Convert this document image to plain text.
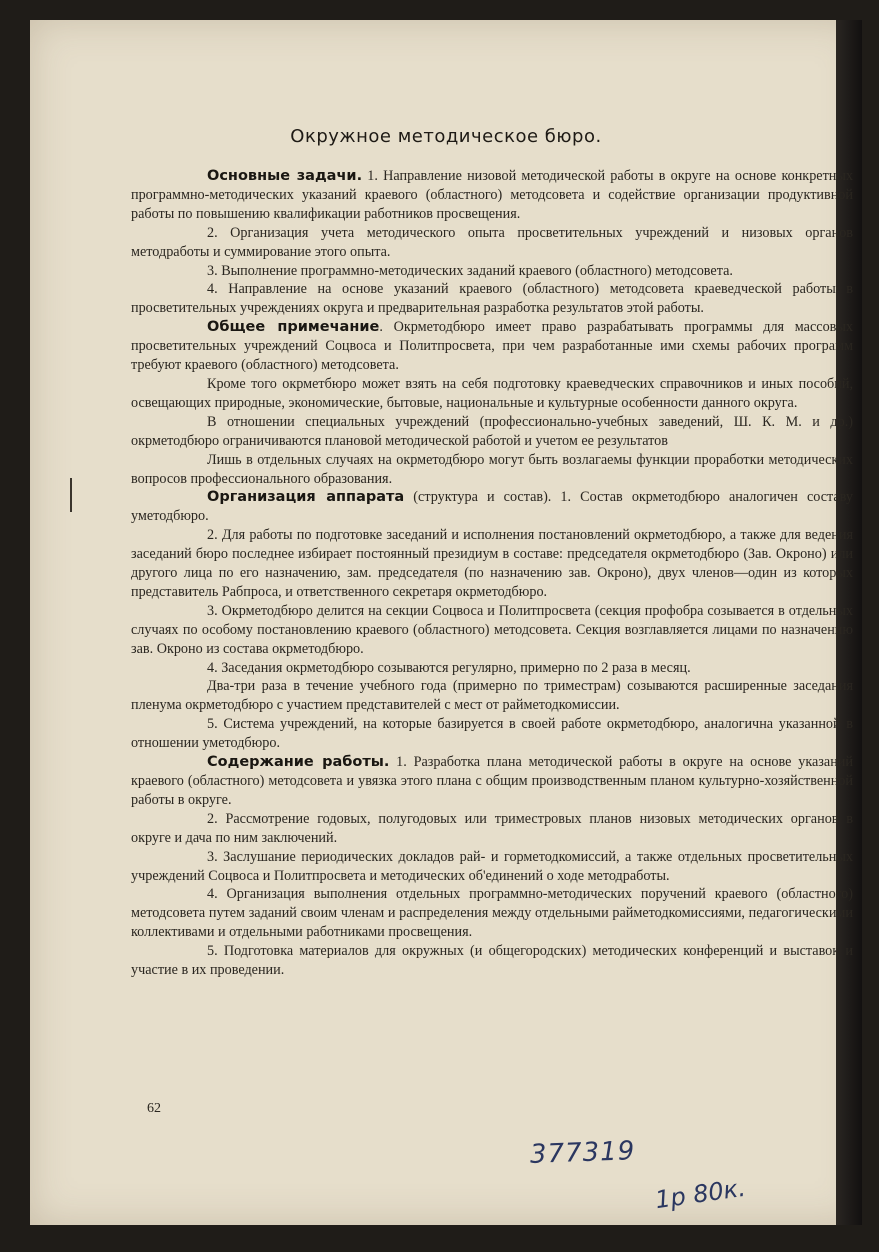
Окружное методическое бюро.

Основные задачи. 1. Направление низовой методической работы в округе на основе конкретных программно-методических указаний краевого (областного) методсовета и содействие организации продуктивной работы по повышению квалификации работников просвещения.

2. Организация учета методического опыта просветительных учреждений и низовых органов методработы и суммирование этого опыта.

3. Выполнение программно-методических заданий краевого (областного) методсовета.

4. Направление на основе указаний краевого (областного) методсовета краеведческой работы в просветительных учреждениях округа и предварительная разработка результатов этой работы.

Общее примечание. Окрметодбюро имеет право разрабатывать программы для массовых просветительных учреждений Соцвоса и Политпросвета, при чем разработанные ими схемы рабочих программ требуют краевого (областного) методсовета.

Кроме того окрметбюро может взять на себя подготовку краеведческих справочников и иных пособий, освещающих природные, экономические, бытовые, национальные и культурные особенности данного округа.

В отношении специальных учреждений (профессионально-учебных заведений, Ш. К. М. и др.) окрметодбюро ограничиваются плановой методической работой и учетом ее результатов

Лишь в отдельных случаях на окрметодбюро могут быть возлагаемы функции проработки методических вопросов профессионального образования.

Организация аппарата (структура и состав). 1. Состав окрметодбюро аналогичен составу уметодбюро.

2. Для работы по подготовке заседаний и исполнения постановлений окрметодбюро, а также для ведения заседаний бюро последнее избирает постоянный президиум в составе: председателя окрметодбюро (Зав. Окроно) или другого лица по его назначению, зам. председателя (по назначению зав. Окроно), двух членов—один из которых представитель Рабпроса, и ответственного секретаря окрметодбюро.

3. Окрметодбюро делится на секции Соцвоса и Политпросвета (секция профобра созывается в отдельных случаях по особому постановлению краевого (областного) методсовета. Секция возглавляется лицами по назначению зав. Окроно из состава окрметодбюро.

4. Заседания окрметодбюро созываются регулярно, примерно по 2 раза в месяц.

Два-три раза в течение учебного года (примерно по триместрам) созываются расширенные заседания пленума окрметодбюро с участием представителей с мест от райметодкомиссии.

5. Система учреждений, на которые базируется в своей работе окрметодбюро, аналогична указанной в отношении уметодбюро.

Содержание работы. 1. Разработка плана методической работы в округе на основе указаний краевого (областного) методсовета и увязка этого плана с общим производственным планом культурно-хозяйственной работы в округе.

2. Рассмотрение годовых, полугодовых или триместровых планов низовых методических органов в округе и дача по ним заключений.

3. Заслушание периодических докладов рай- и горметодкомиссий, а также отдельных просветительных учреждений Соцвоса и Политпросвета и методических об'единений о ходе методработы.

4. Организация выполнения отдельных программно-методических поручений краевого (областного) методсовета путем заданий своим членам и распределения между отдельными райметодкомиссиями, педагогическими коллективами и отдельными работниками просвещения.

5. Подготовка материалов для окружных (и общегородских) методических конференций и выставок и участие в их проведении.

62
377319
1р 80к.
